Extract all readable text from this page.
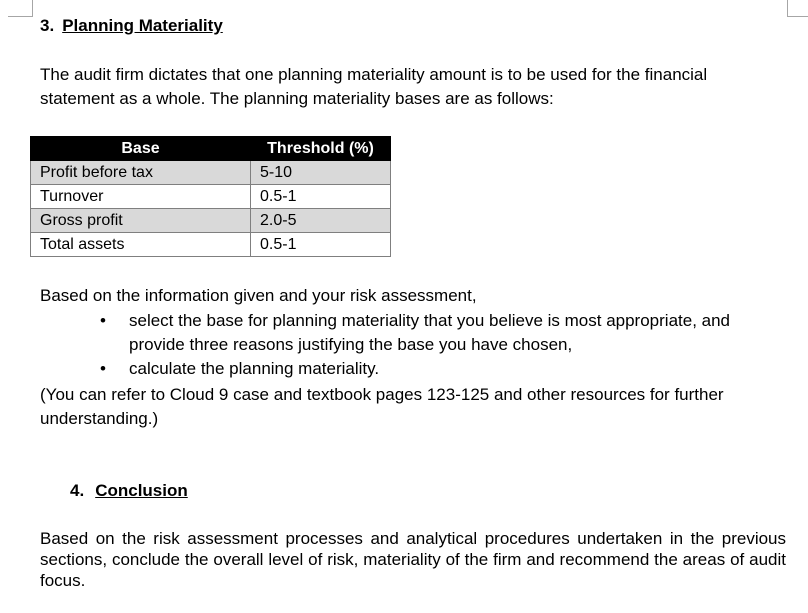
3. Planning Materiality

The audit firm dictates that one planning materiality amount is to be used for the financial statement as a whole. The planning materiality bases are as follows:

Base	Threshold (%)
Profit before tax	5-10
Turnover	0.5-1
Gross profit	2.0-5
Total assets	0.5-1

Based on the information given and your risk assessment,

• select the base for planning materiality that you believe is most appropriate, and provide three reasons justifying the base you have chosen,
• calculate the planning materiality.

(You can refer to Cloud 9 case and textbook pages 123-125 and other resources for further understanding.)

4. Conclusion

Based on the risk assessment processes and analytical procedures undertaken in the previous sections, conclude the overall level of risk, materiality of the firm and recommend the areas of audit focus.
